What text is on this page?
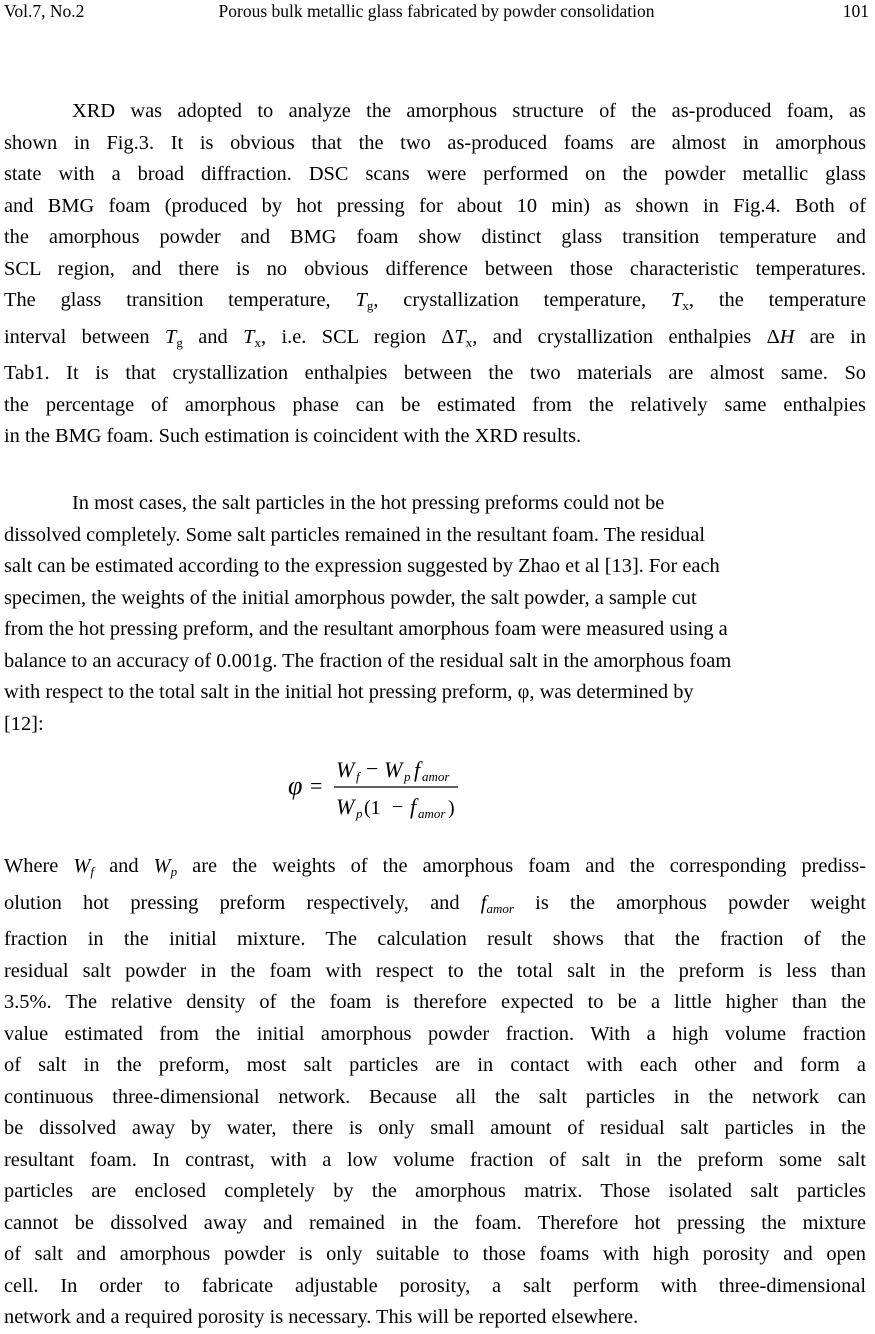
Vol.7, No.2	Porous bulk metallic glass fabricated by powder consolidation	101
XRD was adopted to analyze the amorphous structure of the as-produced foam, as
shown in Fig.3. It is obvious that the two as-produced foams are almost in amorphous
state with a broad diffraction. DSC scans were performed on the powder metallic glass
and BMG foam (produced by hot pressing for about 10 min) as shown in Fig.4. Both of
the amorphous powder and BMG foam show distinct glass transition temperature and
SCL region, and there is no obvious difference between those characteristic temperatures.
The glass transition temperature, Tg, crystallization temperature, Tx, the temperature
interval between Tg and Tx, i.e. SCL region ΔTx, and crystallization enthalpies ΔH are in
Tab1. It is that crystallization enthalpies between the two materials are almost same. So
the percentage of amorphous phase can be estimated from the relatively same enthalpies
in the BMG foam. Such estimation is coincident with the XRD results.
In most cases, the salt particles in the hot pressing preforms could not be
dissolved completely. Some salt particles remained in the resultant foam. The residual
salt can be estimated according to the expression suggested by Zhao et al [13]. For each
specimen, the weights of the initial amorphous powder, the salt powder, a sample cut
from the hot pressing preform, and the resultant amorphous foam were measured using a
balance to an accuracy of 0.001g. The fraction of the residual salt in the amorphous foam
with respect to the total salt in the initial hot pressing preform, φ, was determined by
[12]:
φ =
W f − W p f amor
W p (1 − f amor )
Where $W_f$ and $W_p$ are the weights of the amorphous foam and the corresponding prediss-
olution hot pressing preform respectively, and $f_{amor}$ is the amorphous powder weight
fraction in the initial mixture. The calculation result shows that the fraction of the
residual salt powder in the foam with respect to the total salt in the preform is less than
3.5%. The relative density of the foam is therefore expected to be a little higher than the
value estimated from the initial amorphous powder fraction. With a high volume fraction
of salt in the preform, most salt particles are in contact with each other and form a
continuous three-dimensional network. Because all the salt particles in the network can
be dissolved away by water, there is only small amount of residual salt particles in the
resultant foam. In contrast, with a low volume fraction of salt in the preform some salt
particles are enclosed completely by the amorphous matrix. Those isolated salt particles
cannot be dissolved away and remained in the foam. Therefore hot pressing the mixture
of salt and amorphous powder is only suitable to those foams with high porosity and open
cell. In order to fabricate adjustable porosity, a salt perform with three-dimensional
network and a required porosity is necessary. This will be reported elsewhere.
